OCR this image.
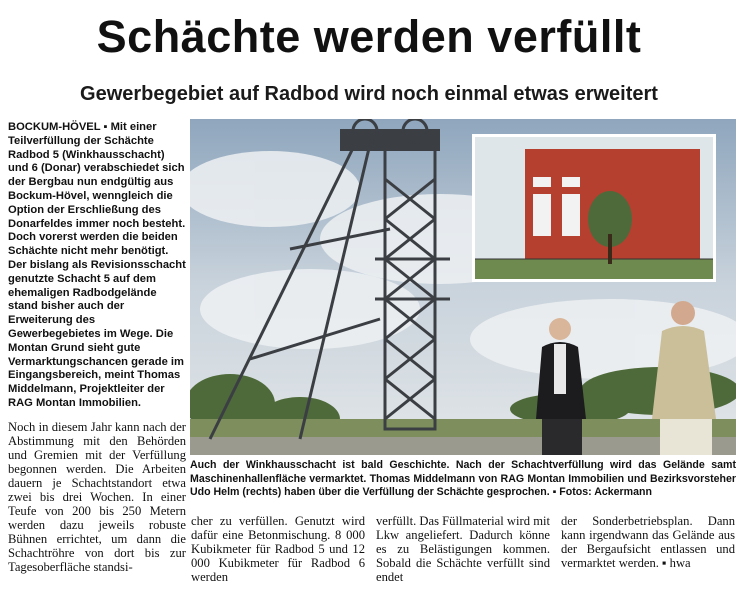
Schächte werden verfüllt
Gewerbegebiet auf Radbod wird noch einmal etwas erweitert

BOCKUM-HÖVEL ▪ Mit einer Teilverfüllung der Schächte Radbod 5 (Winkhausschacht) und 6 (Donar) verabschiedet sich der Bergbau nun endgültig aus Bockum-Hövel, wenngleich die Option der Erschließung des Donarfeldes immer noch besteht. Doch vorerst werden die beiden Schächte nicht mehr benötigt. Der bislang als Revisionsschacht genutzte Schacht 5 auf dem ehemaligen Radbodgelände stand bisher auch der Erweiterung des Gewerbegebietes im Wege. Die Montan Grund sieht gute Vermarktungschancen gerade im Eingangsbereich, meint Thomas Middelmann, Projektleiter der RAG Montan Immobilien.

Noch in diesem Jahr kann nach der Abstimmung mit den Behörden und Gremien mit der Verfüllung begonnen werden. Die Arbeiten dauern je Schachtstandort etwa zwei bis drei Wochen. In einer Teufe von 200 bis 250 Metern werden dazu jeweils robuste Bühnen errichtet, um dann die Schachtröhre von dort bis zur Tagesoberfläche standsi-

Auch der Winkhausschacht ist bald Geschichte. Nach der Schachtverfüllung wird das Gelände samt Maschinenhallenfläche vermarktet. Thomas Middelmann von RAG Montan Immobilien und Bezirksvorsteher Udo Helm (rechts) haben über die Verfüllung der Schächte gesprochen. ▪ Fotos: Ackermann

cher zu verfüllen. Genutzt wird dafür eine Betonmischung. 8 000 Kubikmeter für Radbod 5 und 12 000 Kubikmeter für Radbod 6 werden

verfüllt. Das Füllmaterial wird mit Lkw angeliefert. Dadurch könne es zu Belästigungen kommen. Sobald die Schächte verfüllt sind endet

der Sonderbetriebsplan. Dann kann irgendwann das Gelände aus der Bergaufsicht entlassen und vermarktet werden. ▪ hwa
